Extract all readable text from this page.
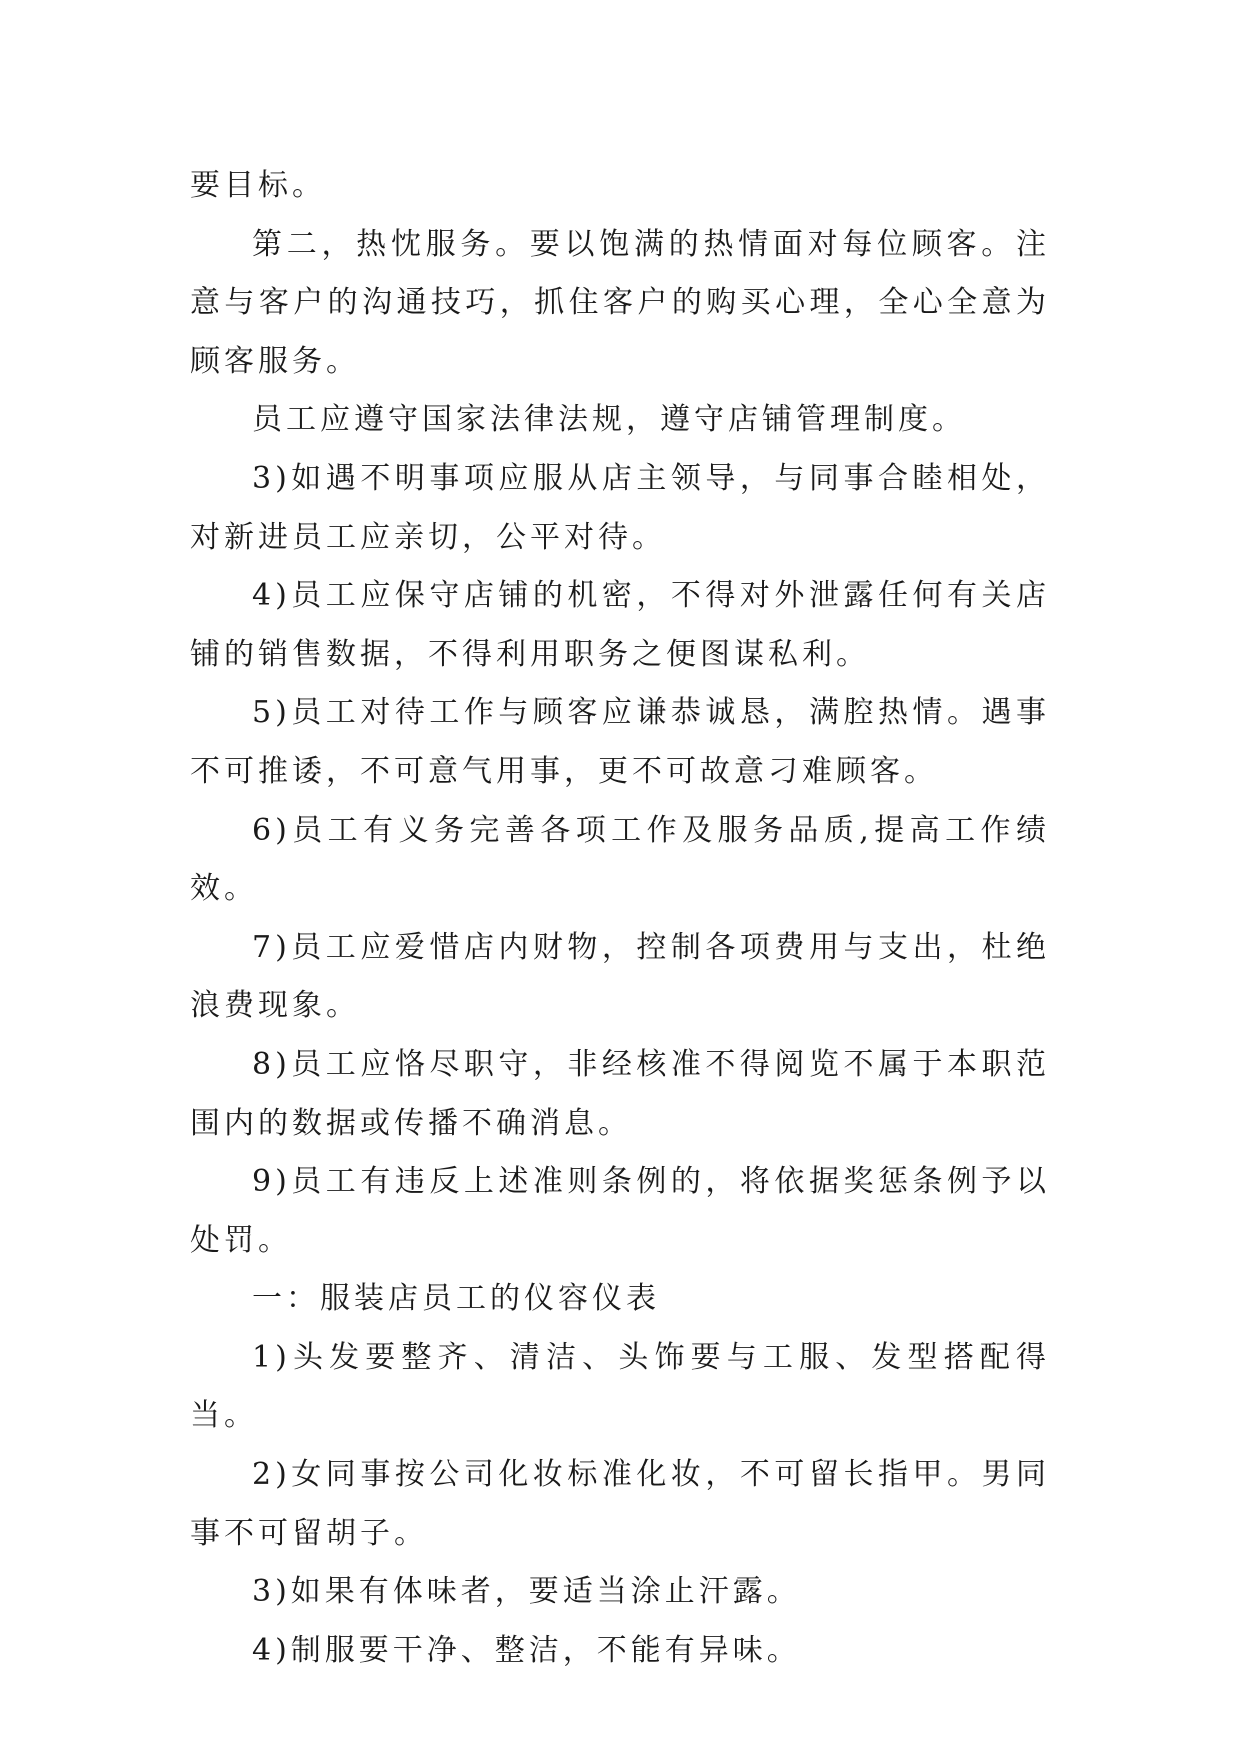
要目标。

第二，热忱服务。要以饱满的热情面对每位顾客。注意与客户的沟通技巧，抓住客户的购买心理，全心全意为顾客服务。

员工应遵守国家法律法规，遵守店铺管理制度。

3)如遇不明事项应服从店主领导，与同事合睦相处，对新进员工应亲切，公平对待。

4)员工应保守店铺的机密，不得对外泄露任何有关店铺的销售数据，不得利用职务之便图谋私利。

5)员工对待工作与顾客应谦恭诚恳，满腔热情。遇事不可推诿，不可意气用事，更不可故意刁难顾客。

6)员工有义务完善各项工作及服务品质,提高工作绩效。

7)员工应爱惜店内财物，控制各项费用与支出，杜绝浪费现象。

8)员工应恪尽职守，非经核准不得阅览不属于本职范围内的数据或传播不确消息。

9)员工有违反上述准则条例的，将依据奖惩条例予以处罚。

一：服装店员工的仪容仪表

1)头发要整齐、清洁、头饰要与工服、发型搭配得当。

2)女同事按公司化妆标准化妆，不可留长指甲。男同事不可留胡子。

3)如果有体味者，要适当涂止汗露。

4)制服要干净、整洁，不能有异味。
